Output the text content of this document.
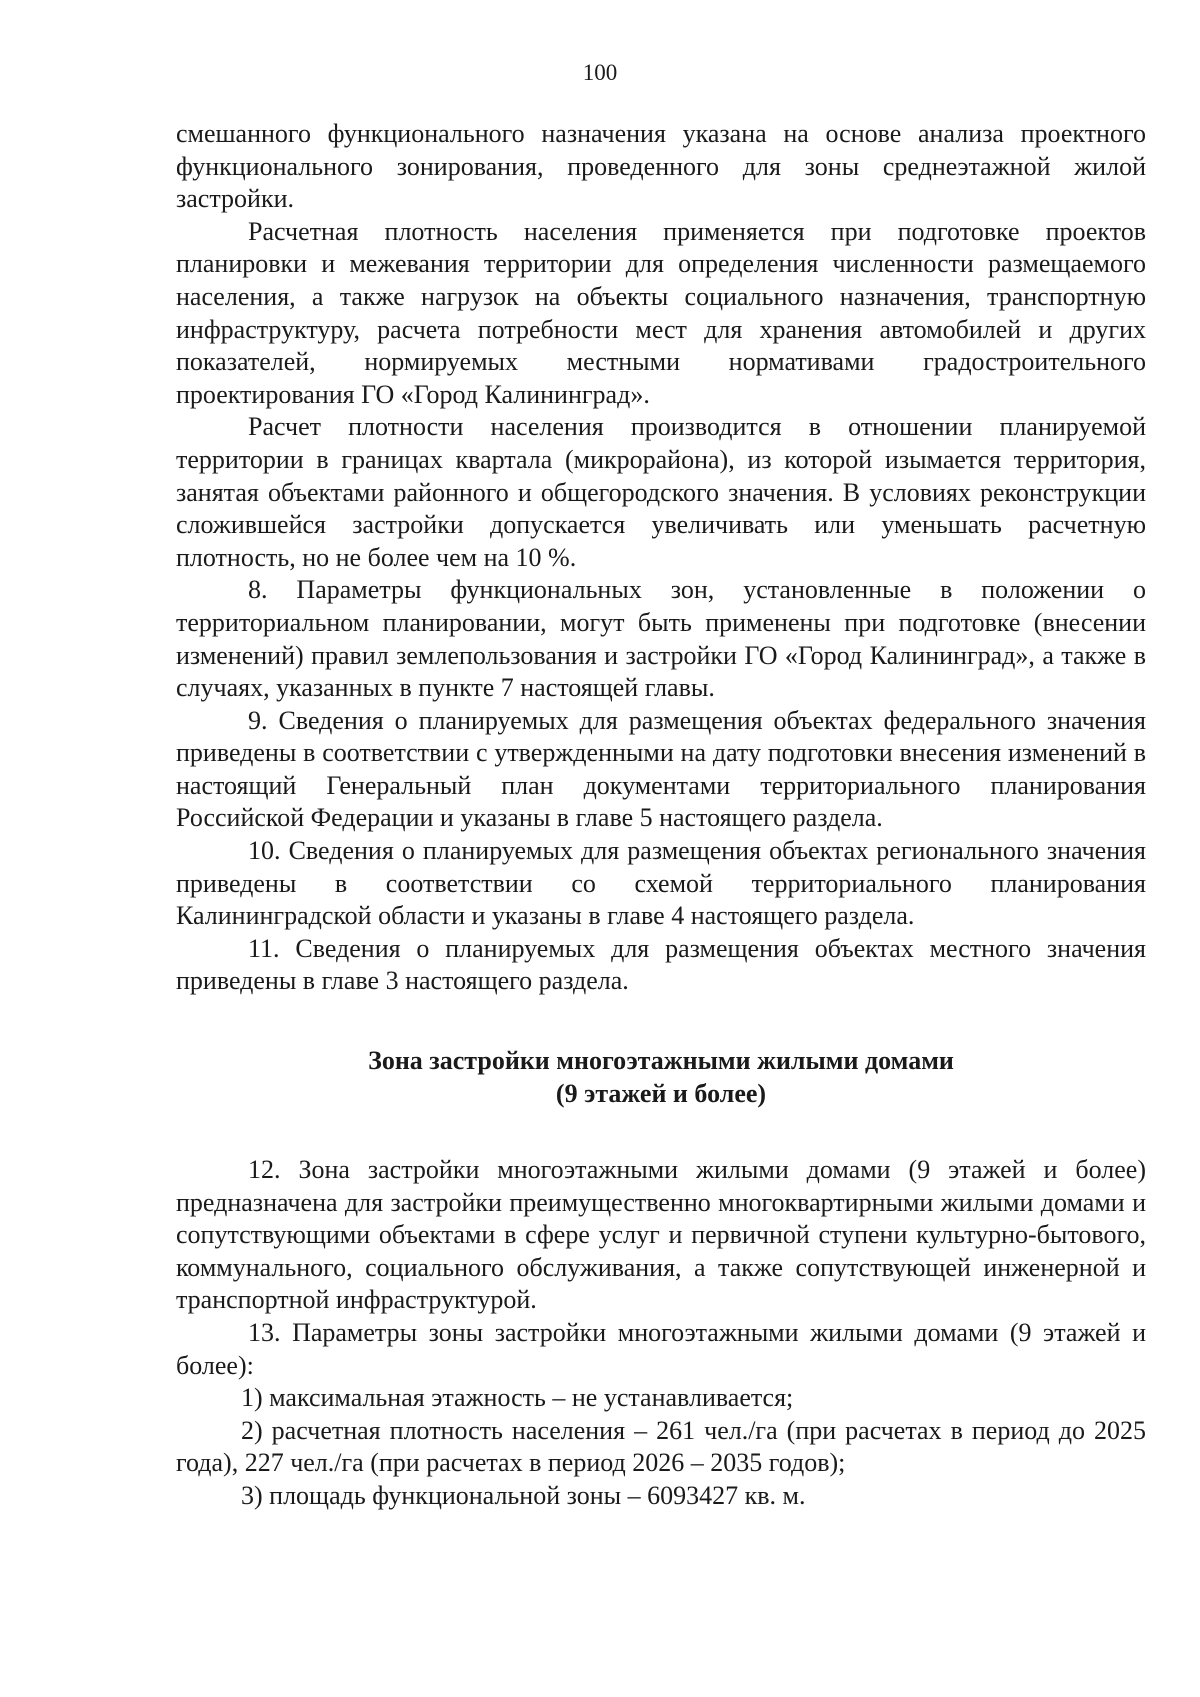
100

смешанного функционального назначения указана на основе анализа проектного функционального зонирования, проведенного для зоны среднеэтажной жилой застройки.

Расчетная плотность населения применяется при подготовке проектов планировки и межевания территории для определения численности размещаемого населения, а также нагрузок на объекты социального назначения, транспортную инфраструктуру, расчета потребности мест для хранения автомобилей и других показателей, нормируемых местными нормативами градостроительного проектирования ГО «Город Калининград».

Расчет плотности населения производится в отношении планируемой территории в границах квартала (микрорайона), из которой изымается территория, занятая объектами районного и общегородского значения. В условиях реконструкции сложившейся застройки допускается увеличивать или уменьшать расчетную плотность, но не более чем на 10 %.

8. Параметры функциональных зон, установленные в положении о территориальном планировании, могут быть применены при подготовке (внесении изменений) правил землепользования и застройки ГО «Город Калининград», а также в случаях, указанных в пункте 7 настоящей главы.

9. Сведения о планируемых для размещения объектах федерального значения приведены в соответствии с утвержденными на дату подготовки внесения изменений в настоящий Генеральный план документами территориального планирования Российской Федерации и указаны в главе 5 настоящего раздела.

10. Сведения о планируемых для размещения объектах регионального значения приведены в соответствии со схемой территориального планирования Калининградской области и указаны в главе 4 настоящего раздела.

11. Сведения о планируемых для размещения объектах местного значения приведены в главе 3 настоящего раздела.

Зона застройки многоэтажными жилыми домами
(9 этажей и более)

12. Зона застройки многоэтажными жилыми домами (9 этажей и более) предназначена для застройки преимущественно многоквартирными жилыми домами и сопутствующими объектами в сфере услуг и первичной ступени культурно-бытового, коммунального, социального обслуживания, а также сопутствующей инженерной и транспортной инфраструктурой.

13. Параметры зоны застройки многоэтажными жилыми домами (9 этажей и более):

1) максимальная этажность – не устанавливается;

2) расчетная плотность населения – 261 чел./га (при расчетах в период до 2025 года), 227 чел./га (при расчетах в период 2026 – 2035 годов);

3) площадь функциональной зоны – 6093427 кв. м.
